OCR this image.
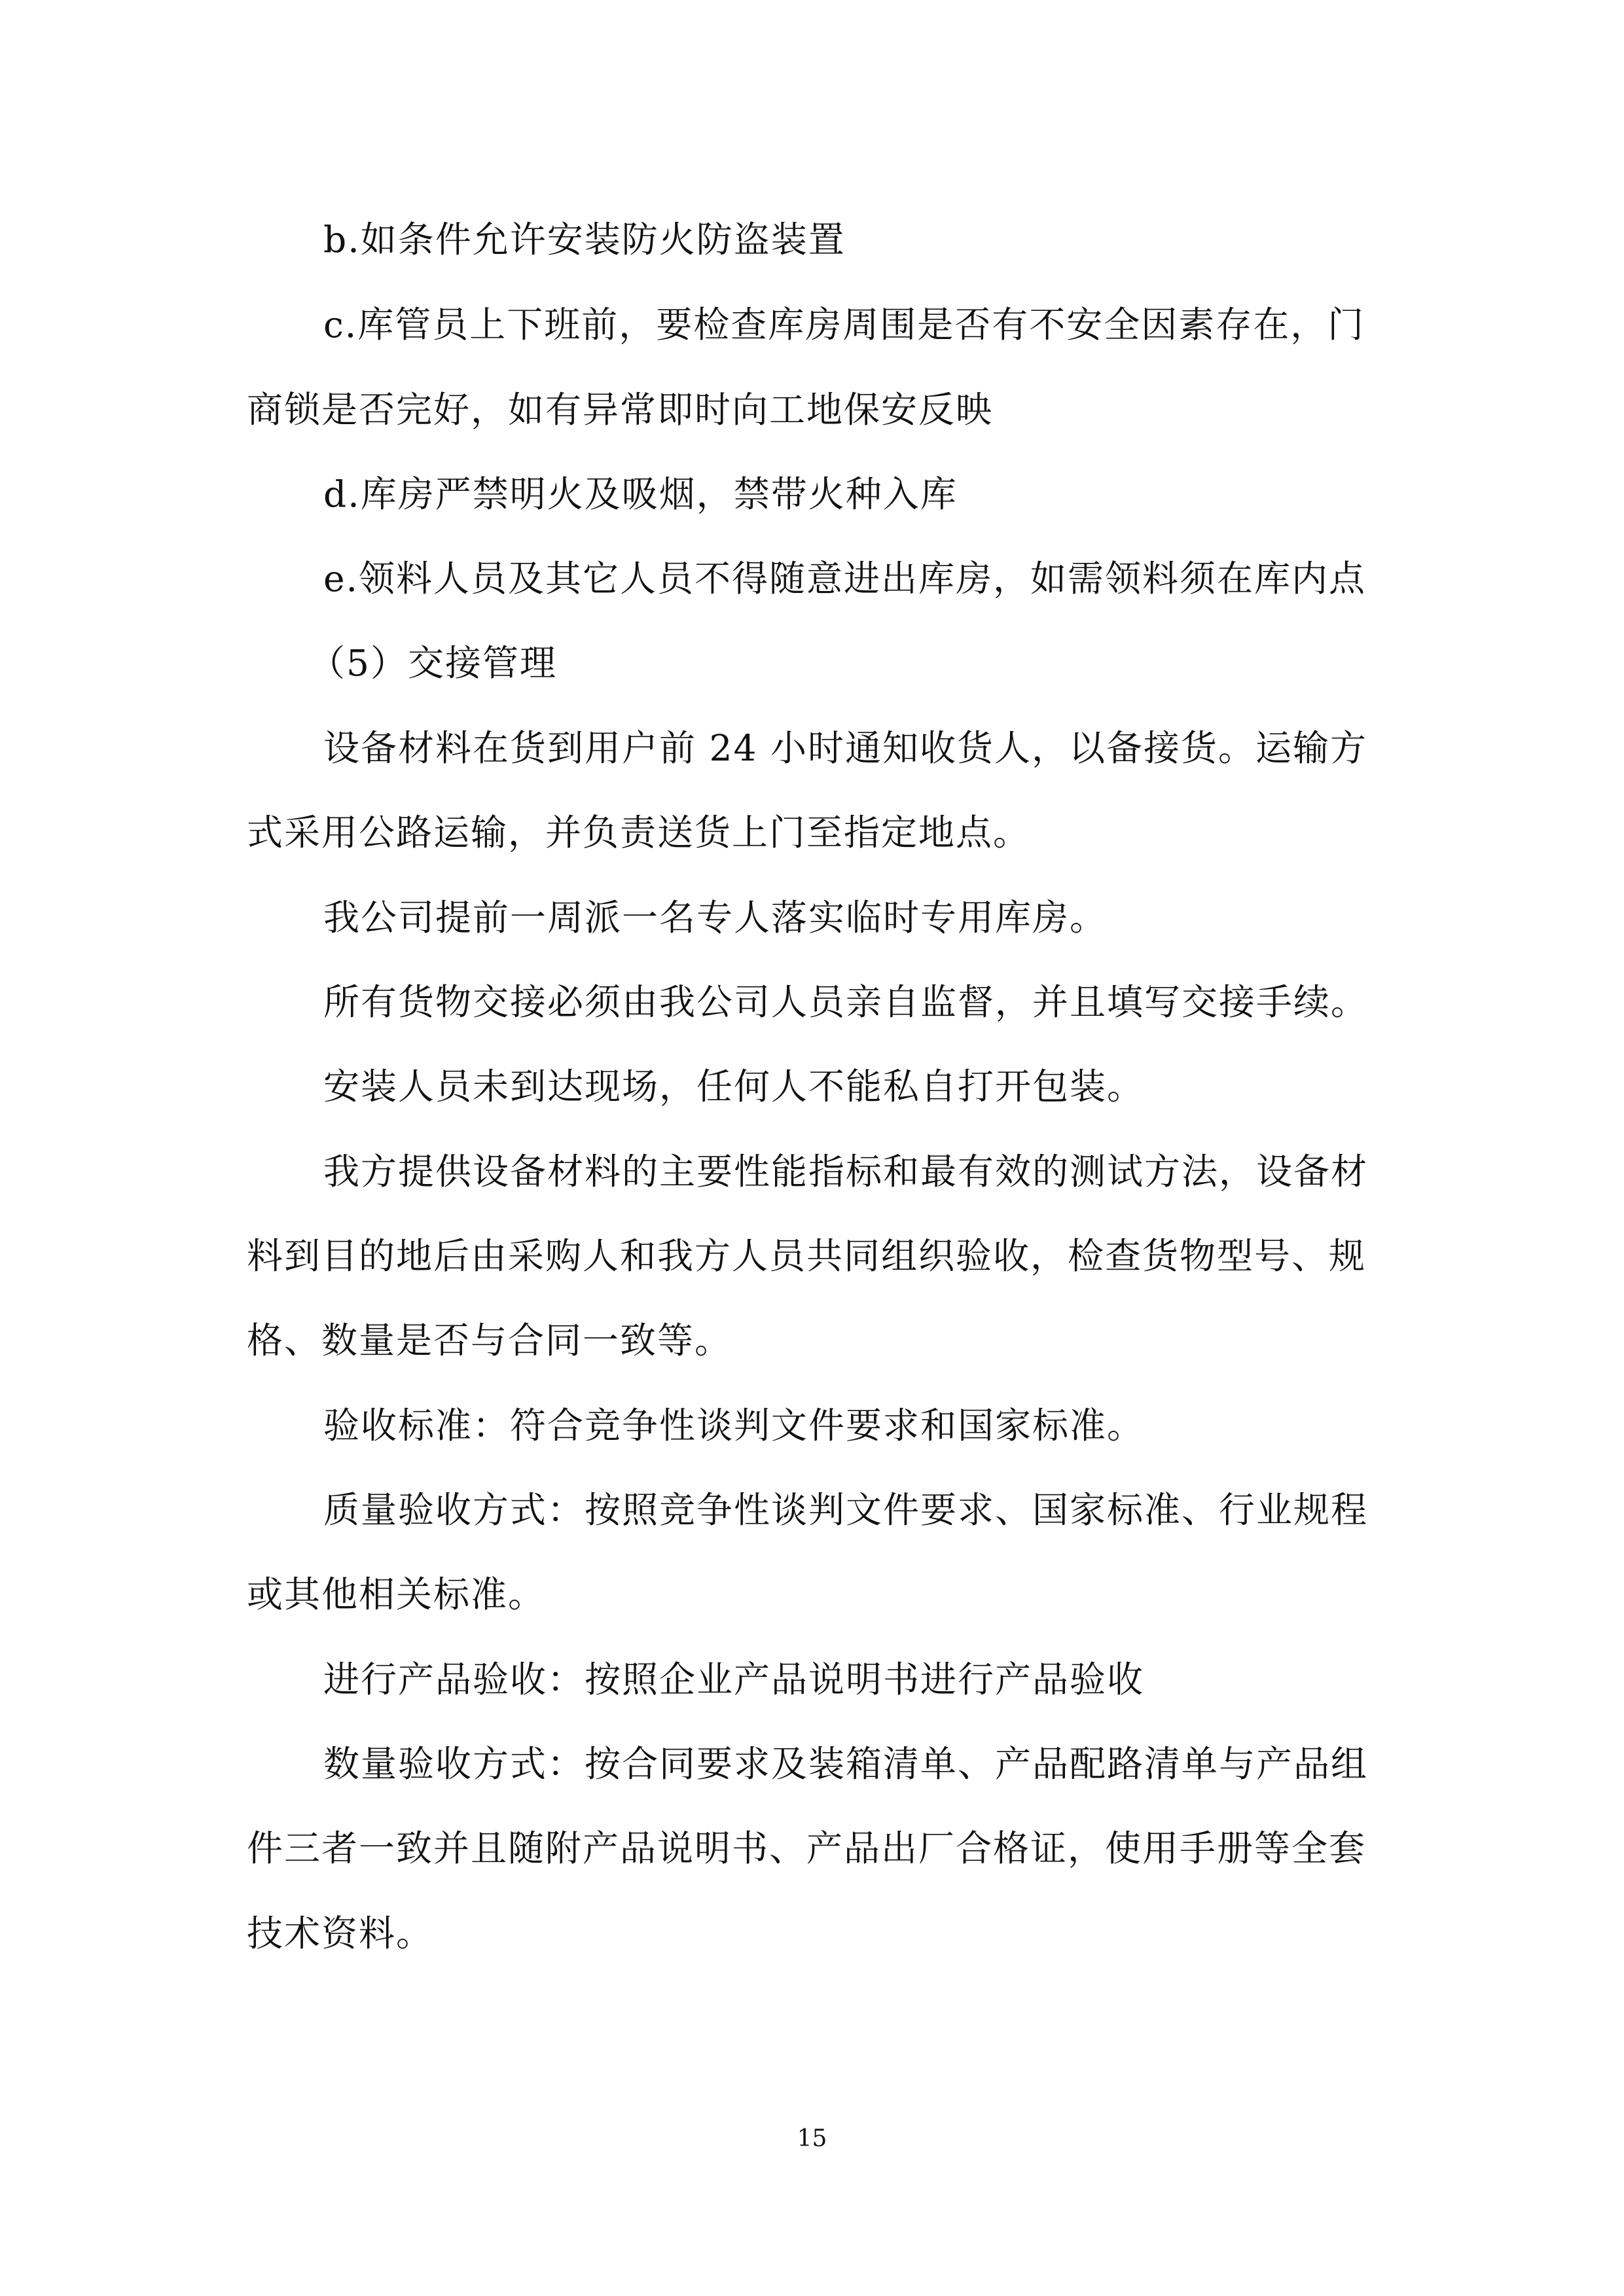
b.如条件允许安装防火防盗装置
c.库管员上下班前，要检查库房周围是否有不安全因素存在，门
商锁是否完好，如有异常即时向工地保安反映
d.库房严禁明火及吸烟，禁带火种入库
e.领料人员及其它人员不得随意进出库房，如需领料须在库内点
（5）交接管理
设备材料在货到用户前 24 小时通知收货人，以备接货。运输方
式采用公路运输，并负责送货上门至指定地点。
我公司提前一周派一名专人落实临时专用库房。
所有货物交接必须由我公司人员亲自监督，并且填写交接手续。
安装人员未到达现场，任何人不能私自打开包装。
我方提供设备材料的主要性能指标和最有效的测试方法，设备材
料到目的地后由采购人和我方人员共同组织验收，检查货物型号、规
格、数量是否与合同一致等。
验收标准：符合竞争性谈判文件要求和国家标准。
质量验收方式：按照竞争性谈判文件要求、国家标准、行业规程
或其他相关标准。
进行产品验收：按照企业产品说明书进行产品验收
数量验收方式：按合同要求及装箱清单、产品配路清单与产品组
件三者一致并且随附产品说明书、产品出厂合格证，使用手册等全套
技术资料。
15
